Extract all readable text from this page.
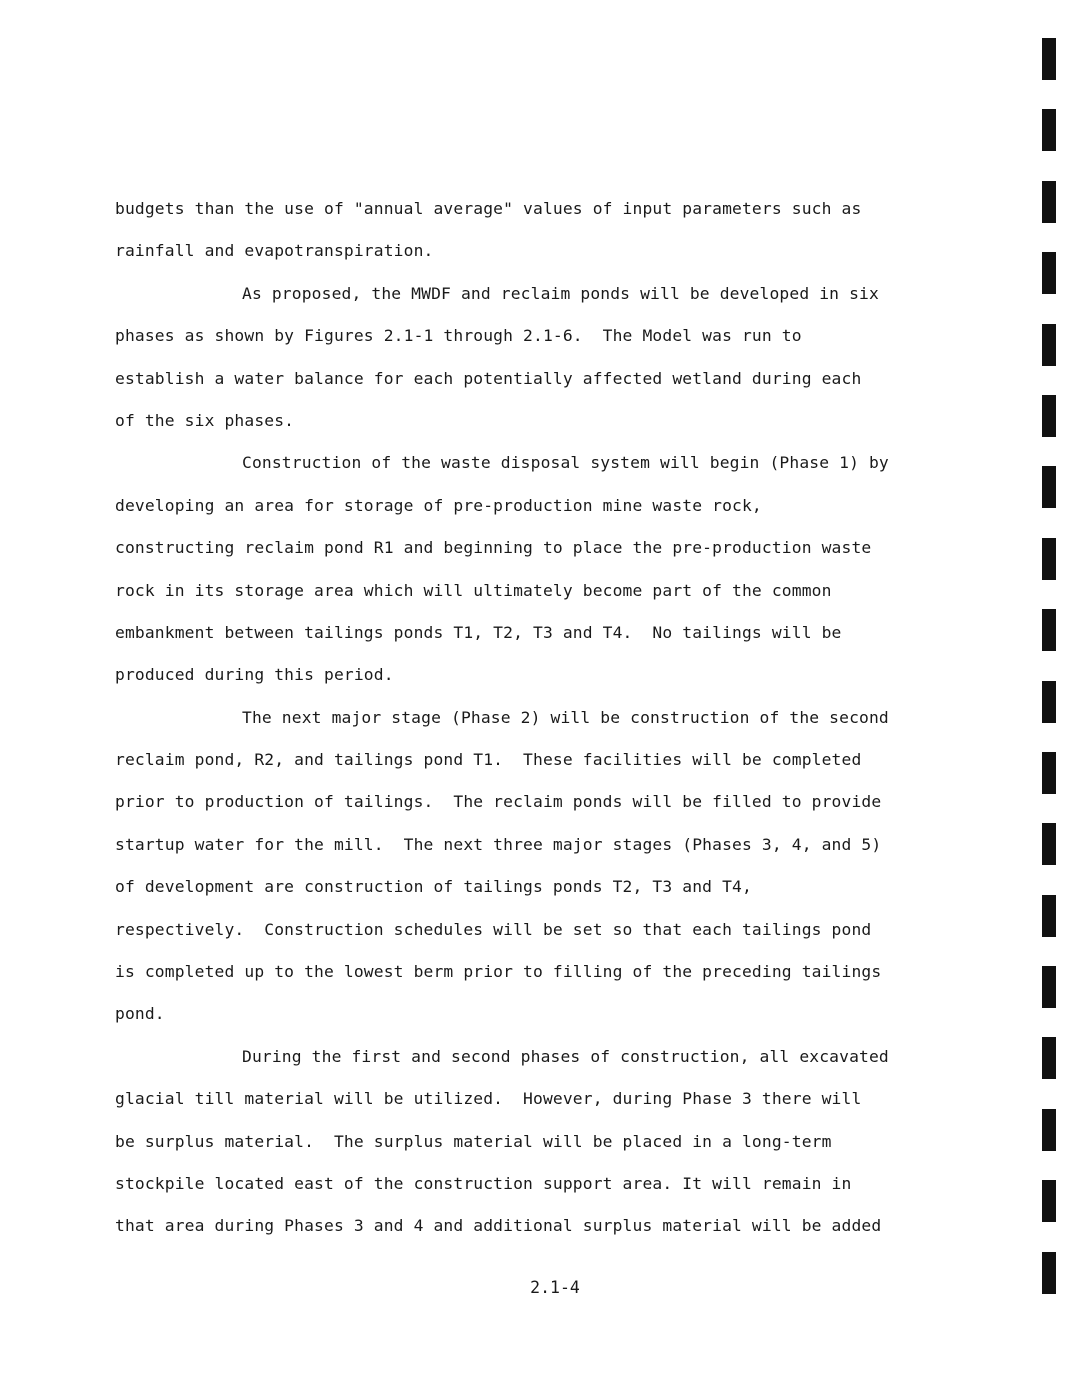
budgets than the use of "annual average" values of input parameters such as
rainfall and evapotranspiration.
As proposed, the MWDF and reclaim ponds will be developed in six
phases as shown by Figures 2.1-1 through 2.1-6.  The Model was run to
establish a water balance for each potentially affected wetland during each
of the six phases.
Construction of the waste disposal system will begin (Phase 1) by
developing an area for storage of pre-production mine waste rock,
constructing reclaim pond R1 and beginning to place the pre-production waste
rock in its storage area which will ultimately become part of the common
embankment between tailings ponds T1, T2, T3 and T4.  No tailings will be
produced during this period.
The next major stage (Phase 2) will be construction of the second
reclaim pond, R2, and tailings pond T1.  These facilities will be completed
prior to production of tailings.  The reclaim ponds will be filled to provide
startup water for the mill.  The next three major stages (Phases 3, 4, and 5)
of development are construction of tailings ponds T2, T3 and T4,
respectively.  Construction schedules will be set so that each tailings pond
is completed up to the lowest berm prior to filling of the preceding tailings
pond.
During the first and second phases of construction, all excavated
glacial till material will be utilized.  However, during Phase 3 there will
be surplus material.  The surplus material will be placed in a long-term
stockpile located east of the construction support area. It will remain in
that area during Phases 3 and 4 and additional surplus material will be added
2.1-4
